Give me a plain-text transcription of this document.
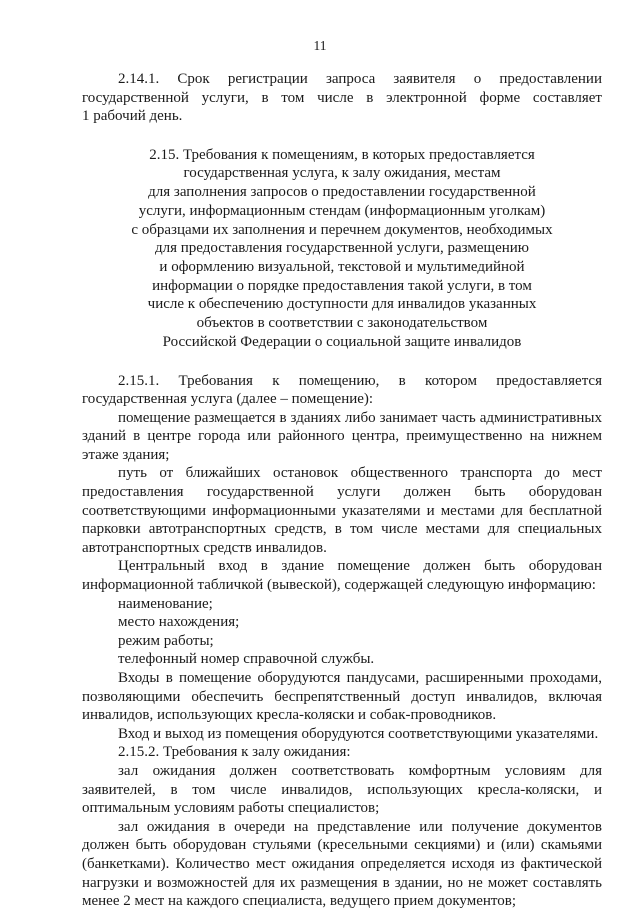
11

2.14.1. Срок регистрации запроса заявителя о предоставлении

государственной услуги, в том числе в электронной форме составляет

1 рабочий день.

2.15. Требования к помещениям, в которых предоставляется
государственная услуга, к залу ожидания, местам
для заполнения запросов о предоставлении государственной
услуги, информационным стендам (информационным уголкам)
с образцами их заполнения и перечнем документов, необходимых
для предоставления государственной услуги, размещению
и оформлению визуальной, текстовой и мультимедийной
информации о порядке предоставления такой услуги, в том
числе к обеспечению доступности для инвалидов указанных
объектов в соответствии с законодательством
Российской Федерации о социальной защите инвалидов

2.15.1. Требования к помещению, в котором предоставляется

государственная услуга (далее – помещение):

помещение размещается в зданиях либо занимает часть административных

зданий в центре города или районного центра, преимущественно на нижнем

этаже здания;

путь от ближайших остановок общественного транспорта до мест

предоставления государственной услуги должен быть оборудован

соответствующими информационными указателями и местами для бесплатной

парковки автотранспортных средств, в том числе местами для специальных

автотранспортных средств инвалидов.

Центральный вход в здание помещение должен быть оборудован

информационной табличкой (вывеской), содержащей следующую информацию:

наименование;

место нахождения;

режим работы;

телефонный номер справочной службы.

Входы в помещение оборудуются пандусами, расширенными проходами,

позволяющими обеспечить беспрепятственный доступ инвалидов, включая

инвалидов, использующих кресла-коляски и собак-проводников.

Вход и выход из помещения оборудуются соответствующими указателями.

2.15.2. Требования к залу ожидания:

зал ожидания должен соответствовать комфортным условиям для

заявителей, в том числе инвалидов, использующих кресла-коляски, и

оптимальным условиям работы специалистов;

зал ожидания в очереди на представление или получение документов

должен быть оборудован стульями (кресельными секциями) и (или) скамьями

(банкетками). Количество мест ожидания определяется исходя из фактической

нагрузки и возможностей для их размещения в здании, но не может составлять

менее 2 мест на каждого специалиста, ведущего прием документов;
